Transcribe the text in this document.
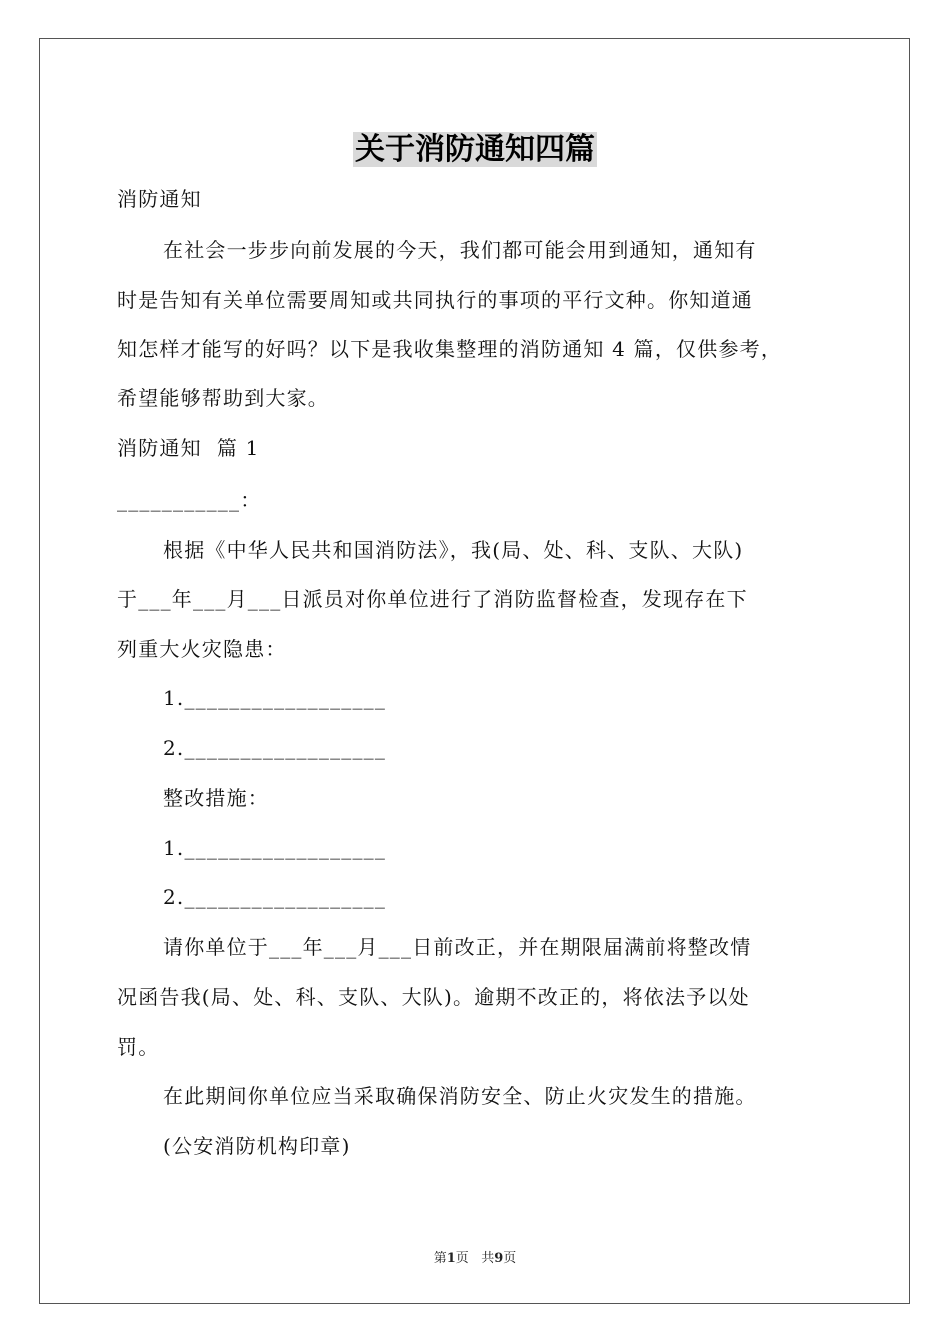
关于消防通知四篇
消防通知
在社会一步步向前发展的今天，我们都可能会用到通知，通知有
时是告知有关单位需要周知或共同执行的事项的平行文种。你知道通
知怎样才能写的好吗？以下是我收集整理的消防通知 4 篇，仅供参考，
希望能够帮助到大家。
消防通知  篇 1
___________：
根据《中华人民共和国消防法》，我(局、处、科、支队、大队)
于___年___月___日派员对你单位进行了消防监督检查，发现存在下
列重大火灾隐患：
1.__________________
2.__________________
整改措施：
1.__________________
2.__________________
请你单位于___年___月___日前改正，并在期限届满前将整改情
况函告我(局、处、科、支队、大队)。逾期不改正的，将依法予以处
罚。
在此期间你单位应当采取确保消防安全、防止火灾发生的措施。
(公安消防机构印章)
第1页 共9页
